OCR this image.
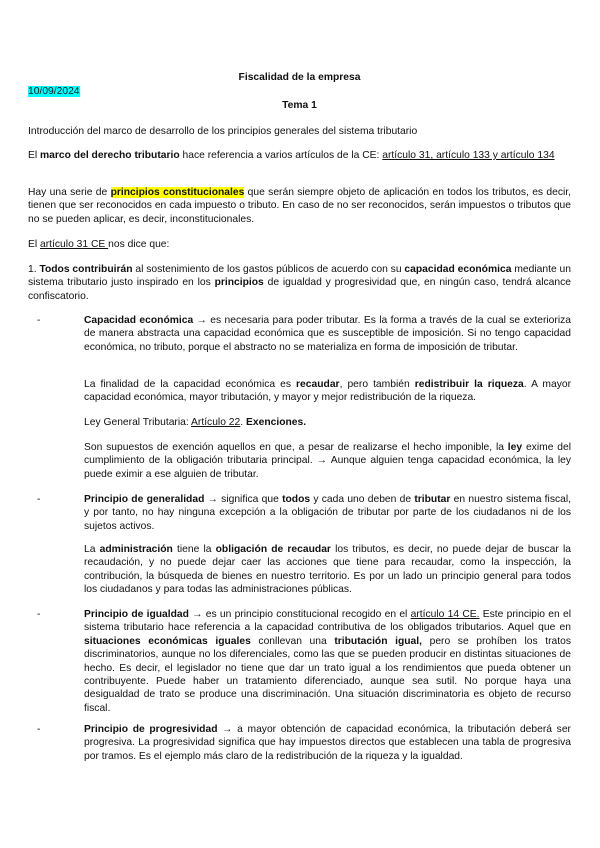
Fiscalidad de la empresa
10/09/2024
Tema 1
Introducción del marco de desarrollo de los principios generales del sistema tributario
El marco del derecho tributario hace referencia a varios artículos de la CE: artículo 31, artículo 133 y artículo 134
Hay una serie de principios constitucionales que serán siempre objeto de aplicación en todos los tributos, es decir, tienen que ser reconocidos en cada impuesto o tributo. En caso de no ser reconocidos, serán impuestos o tributos que no se pueden aplicar, es decir, inconstitucionales.
El artículo 31 CE nos dice que:
1. Todos contribuirán al sostenimiento de los gastos públicos de acuerdo con su capacidad económica mediante un sistema tributario justo inspirado en los principios de igualdad y progresividad que, en ningún caso, tendrá alcance confiscatorio.
-	Capacidad económica → es necesaria para poder tributar. Es la forma a través de la cual se exterioriza de manera abstracta una capacidad económica que es susceptible de imposición. Si no tengo capacidad económica, no tributo, porque el abstracto no se materializa en forma de imposición de tributar.
La finalidad de la capacidad económica es recaudar, pero también redistribuir la riqueza. A mayor capacidad económica, mayor tributación, y mayor y mejor redistribución de la riqueza.
Ley General Tributaria: Artículo 22. Exenciones.
Son supuestos de exención aquellos en que, a pesar de realizarse el hecho imponible, la ley exime del cumplimiento de la obligación tributaria principal. → Aunque alguien tenga capacidad económica, la ley puede eximir a ese alguien de tributar.
-	Principio de generalidad → significa que todos y cada uno deben de tributar en nuestro sistema fiscal, y por tanto, no hay ninguna excepción a la obligación de tributar por parte de los ciudadanos ni de los sujetos activos.
La administración tiene la obligación de recaudar los tributos, es decir, no puede dejar de buscar la recaudación, y no puede dejar caer las acciones que tiene para recaudar, como la inspección, la contribución, la búsqueda de bienes en nuestro territorio. Es por un lado un principio general para todos los ciudadanos y para todas las administraciones públicas.
-	Principio de igualdad → es un principio constitucional recogido en el artículo 14 CE. Este principio en el sistema tributario hace referencia a la capacidad contributiva de los obligados tributarios. Aquel que en situaciones económicas iguales conllevan una tributación igual, pero se prohíben los tratos discriminatorios, aunque no los diferenciales, como las que se pueden producir en distintas situaciones de hecho. Es decir, el legislador no tiene que dar un trato igual a los rendimientos que pueda obtener un contribuyente. Puede haber un tratamiento diferenciado, aunque sea sutil. No porque haya una desigualdad de trato se produce una discriminación. Una situación discriminatoria es objeto de recurso fiscal.
-	Principio de progresividad → a mayor obtención de capacidad económica, la tributación deberá ser progresiva. La progresividad significa que hay impuestos directos que establecen una tabla de progresiva por tramos. Es el ejemplo más claro de la redistribución de la riqueza y la igualdad.
